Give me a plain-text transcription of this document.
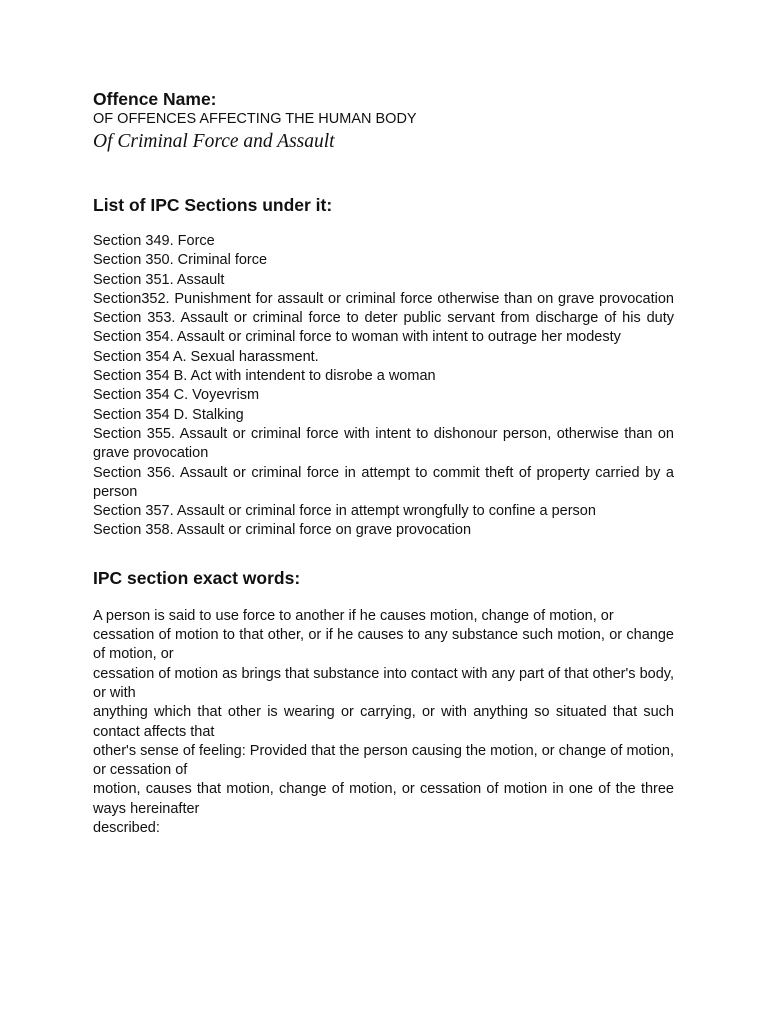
Offence Name:

OF OFFENCES AFFECTING THE HUMAN BODY

Of Criminal Force and Assault

List of IPC Sections under it:

Section 349. Force

Section 350. Criminal force

Section 351. Assault

Section352. Punishment for assault or criminal force otherwise than on grave provocation Section 353. Assault or criminal force to deter public servant from discharge of his duty Section 354. Assault or criminal force to woman with intent to outrage her modesty

Section 354 A. Sexual harassment.

Section 354 B. Act with intendent to disrobe a woman

Section 354 C. Voyevrism

Section 354 D. Stalking

Section 355. Assault or criminal force with intent to dishonour person, otherwise than on grave provocation

Section 356. Assault or criminal force in attempt to commit theft of property carried by a person

Section 357. Assault or criminal force in attempt wrongfully to confine a person

Section 358. Assault or criminal force on grave provocation

IPC section exact words:

A person is said to use force to another if he causes motion, change of motion, or

cessation of motion to that other, or if he causes to any substance such motion, or change of motion, or

cessation of motion as brings that substance into contact with any part of that other's body, or with

anything which that other is wearing or carrying, or with anything so situated that such contact affects that

other's sense of feeling: Provided that the person causing the motion, or change of motion, or cessation of

motion, causes that motion, change of motion, or cessation of motion in one of the three ways hereinafter

described:
